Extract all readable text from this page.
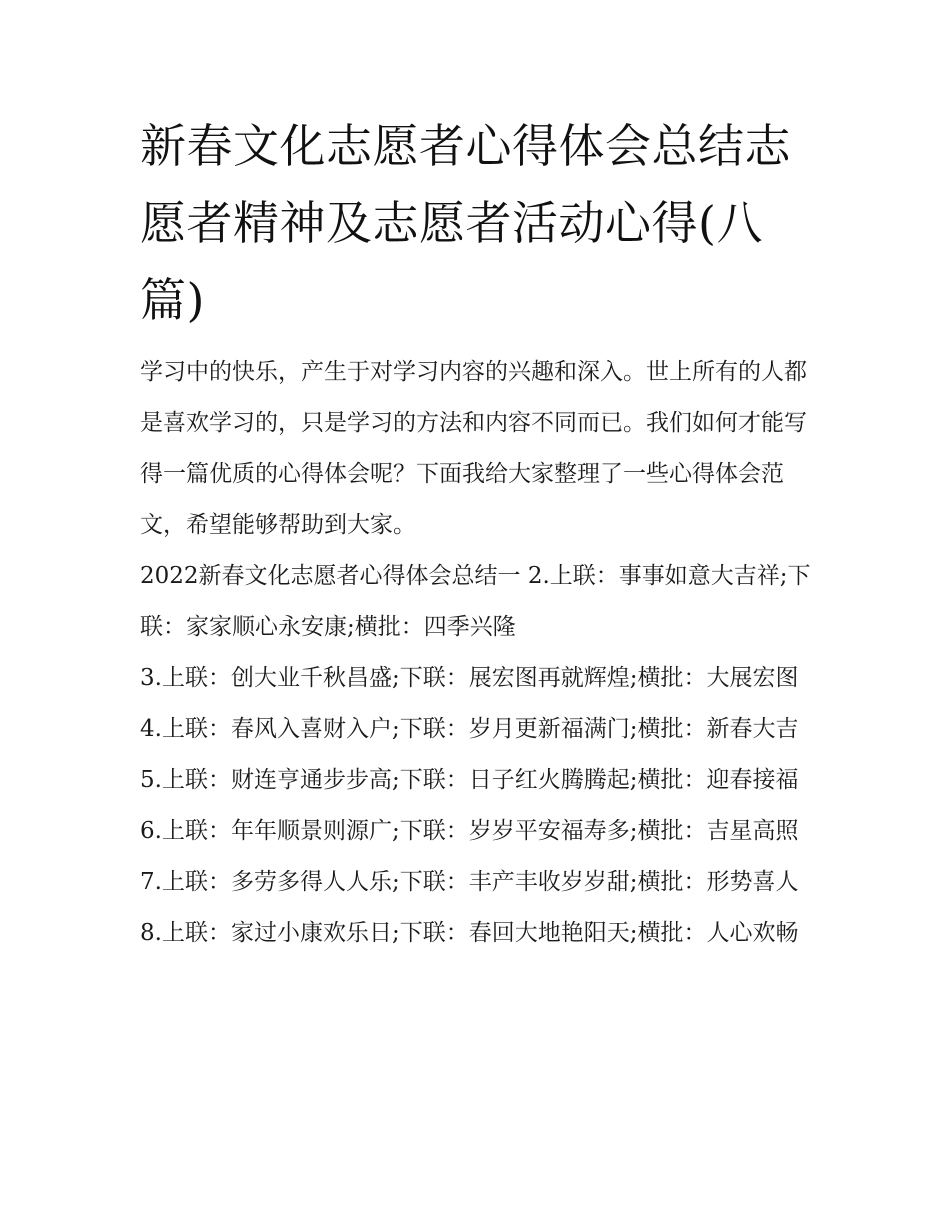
新春文化志愿者心得体会总结志愿者精神及志愿者活动心得(八篇)

学习中的快乐，产生于对学习内容的兴趣和深入。世上所有的人都是喜欢学习的，只是学习的方法和内容不同而已。我们如何才能写得一篇优质的心得体会呢？下面我给大家整理了一些心得体会范文，希望能够帮助到大家。

2022新春文化志愿者心得体会总结一 2.上联：事事如意大吉祥;下联：家家顺心永安康;横批：四季兴隆

3.上联：创大业千秋昌盛;下联：展宏图再就辉煌;横批：大展宏图 4.上联：春风入喜财入户;下联：岁月更新福满门;横批：新春大吉

5.上联：财连亨通步步高;下联：日子红火腾腾起;横批：迎春接福 6.上联：年年顺景则源广;下联：岁岁平安福寿多;横批：吉星高照

7.上联：多劳多得人人乐;下联：丰产丰收岁岁甜;横批：形势喜人 8.上联：家过小康欢乐日;下联：春回大地艳阳天;横批：人心欢畅
